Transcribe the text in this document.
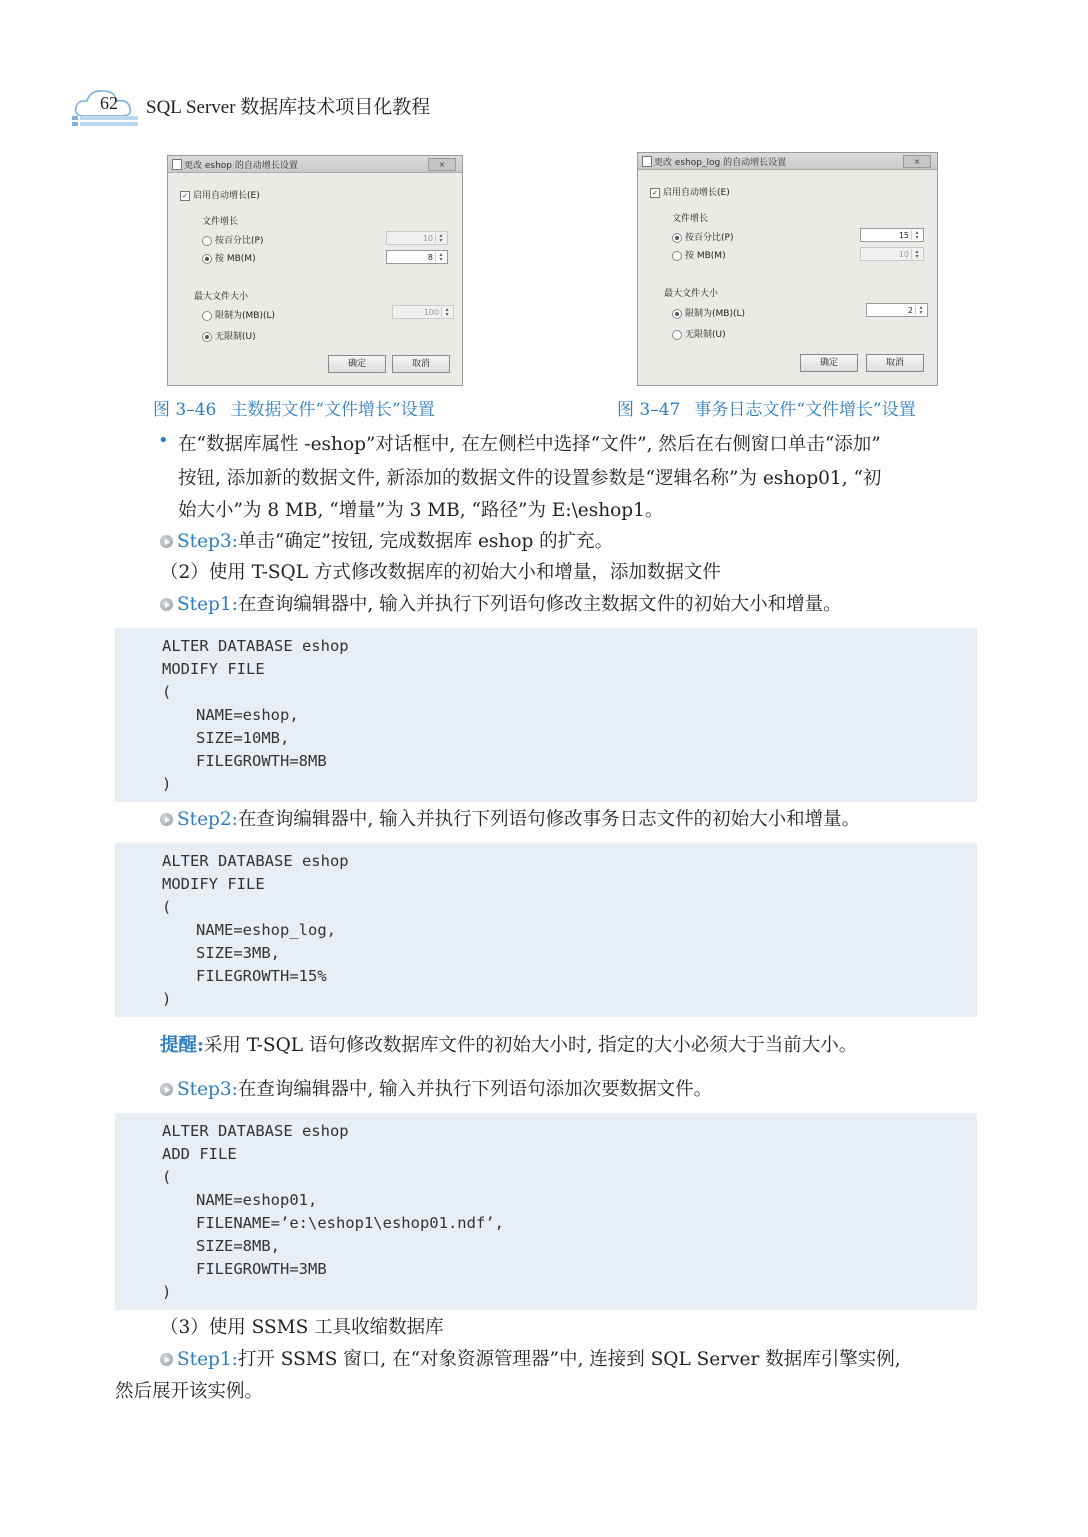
62 SQL Server 数据库技术项目化教程
更改 eshop 的自动增长设置	×
✓ 启用自动增长(E)
文件增长
按百分比(P)	10	▴
▾
按 MB(M)	8	▴
▾
最大文件大小
限制为(MB)(L)	100	▴
▾
无限制(U)
确定	取消
更改 eshop_log 的自动增长设置	×
✓ 启用自动增长(E)
文件增长
按百分比(P)	15	▴
▾
按 MB(M)	10	▴
▾
最大文件大小
限制为(MB)(L)	2	▴
▾
无限制(U)
确定	取消
图 3–46 主数据文件“文件增长”设置	图 3–47 事务日志文件“文件增长”设置
• 在“数据库属性 -eshop”对话框中, 在左侧栏中选择“文件”, 然后在右侧窗口单击“添加”
按钮, 添加新的数据文件, 新添加的数据文件的设置参数是“逻辑名称”为 eshop01, “初
始大小”为 8 MB, “增量”为 3 MB, “路径”为 E:\eshop1。
Step3:单击“确定”按钮, 完成数据库 eshop 的扩充。
（2）使用 T-SQL 方式修改数据库的初始大小和增量，添加数据文件
Step1:在查询编辑器中, 输入并执行下列语句修改主数据文件的初始大小和增量。
ALTER DATABASE eshop
MODIFY FILE
(
NAME=eshop,
SIZE=10MB,
FILEGROWTH=8MB
)
Step2:在查询编辑器中, 输入并执行下列语句修改事务日志文件的初始大小和增量。
ALTER DATABASE eshop
MODIFY FILE
(
NAME=eshop_log,
SIZE=3MB,
FILEGROWTH=15%
)
提醒:采用 T-SQL 语句修改数据库文件的初始大小时, 指定的大小必须大于当前大小。
Step3:在查询编辑器中, 输入并执行下列语句添加次要数据文件。
ALTER DATABASE eshop
ADD FILE
(
NAME=eshop01,
FILENAME=’e:\eshop1\eshop01.ndf’,
SIZE=8MB,
FILEGROWTH=3MB
)
（3）使用 SSMS 工具收缩数据库
Step1:打开 SSMS 窗口, 在“对象资源管理器”中, 连接到 SQL Server 数据库引擎实例,
然后展开该实例。
